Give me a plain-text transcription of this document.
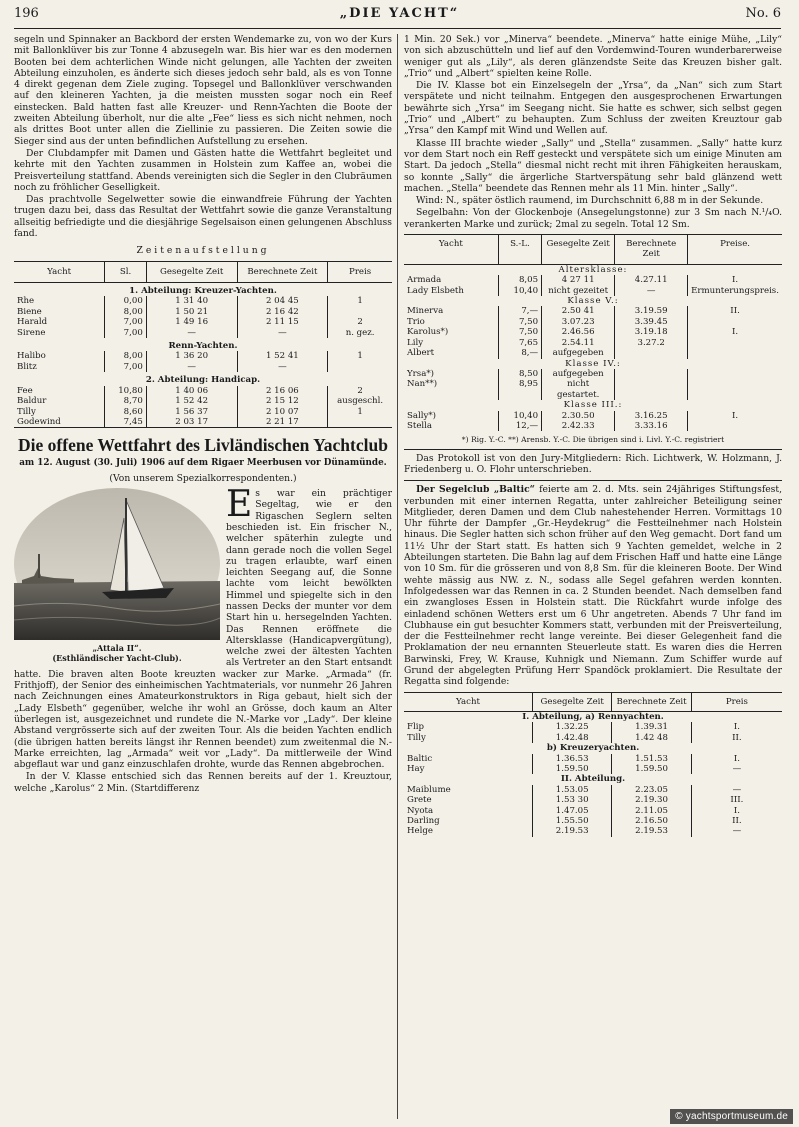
196	„DIE YACHT“	No. 6

segeln und Spinnaker an Backbord der ersten Wendemarke zu, von wo der Kurs mit Ballonklüver bis zur Tonne 4 abzusegeln war. Bis hier war es den modernen Booten bei dem achterlichen Winde nicht gelungen, alle Yachten der zweiten Abteilung einzuholen, es änderte sich dieses jedoch sehr bald, als es von Tonne 4 direkt gegenan dem Ziele zuging. Topsegel und Ballonklüver verschwanden auf den kleineren Yachten, ja die meisten mussten sogar noch ein Reef einstecken. Bald hatten fast alle Kreuzer- und Renn-Yachten die Boote der zweiten Abteilung überholt, nur die alte „Fee“ liess es sich nicht nehmen, noch als drittes Boot unter allen die Ziellinie zu passieren. Die Zeiten sowie die Sieger sind aus der unten befindlichen Aufstellung zu ersehen.

Der Clubdampfer mit Damen und Gästen hatte die Wettfahrt begleitet und kehrte mit den Yachten zusammen in Holstein zum Kaffee an, wobei die Preisverteilung stattfand. Abends vereinigten sich die Segler in den Clubräumen noch zu fröhlicher Geselligkeit.

Das prachtvolle Segelwetter sowie die einwandfreie Führung der Yachten trugen dazu bei, dass das Resultat der Wettfahrt sowie die ganze Veranstaltung allseitig befriedigte und die diesjährige Segelsaison einen gelungenen Abschluss fand.

Zeitenaufstellung
Yacht	Sl.	Gesegelte Zeit	Berechnete Zeit	Preis
1. Abteilung: Kreuzer-Yachten.				
Rhe	0,00	1 31 40	2 04 45	1
Biene	8,00	1 50 21	2 16 42	
Harald	7,00	1 49 16	2 11 15	2
Sirene	7,00	—	—	n. gez.
Renn-Yachten.				
Halibo	8,00	1 36 20	1 52 41	1
Blitz	7,00	—	—	
2. Abteilung: Handicap.				
Fee	10,80	1 40 06	2 16 06	2
Baldur	8,70	1 52 42	2 15 12	ausgeschl.
Tilly	8,60	1 56 37	2 10 07	1
Godewind	7,45	2 03 17	2 21 17	
Die offene Wettfahrt des Livländischen Yachtclub
am 12. August (30. Juli) 1906 auf dem Rigaer Meerbusen vor Dünamünde.
(Von unserem Spezialkorrespondenten.)
„Attala II“.
(Esthländischer Yacht-Club).

Es war ein prächtiger Segeltag, wie er den Rigaschen Seglern selten beschieden ist. Ein frischer N., welcher späterhin zulegte und dann gerade noch die vollen Segel zu tragen erlaubte, warf einen leichten Seegang auf, die Sonne lachte vom leicht bewölkten Himmel und spiegelte sich in den nassen Decks der munter vor dem Start hin u. hersegelnden Yachten. Das Rennen eröffnete die Altersklasse (Handicapvergütung), welche zwei der ältesten Yachten als Vertreter an den Start entsandt hatte. Die braven alten Boote kreuzten wacker zur Marke. „Armada“ (fr. Frithjoff), der Senior des einheimischen Yachtmaterials, vor nunmehr 26 Jahren nach Zeichnungen eines Amateurkonstruktors in Riga gebaut, hielt sich der „Lady Elsbeth“ gegenüber, welche ihr wohl an Grösse, doch kaum an Alter überlegen ist, ausgezeichnet und rundete die N.-Marke vor „Lady“. Der kleine Abstand vergrösserte sich auf der zweiten Tour. Als die beiden Yachten endlich (die übrigen hatten bereits längst ihr Rennen beendet) zum zweitenmal die N.-Marke erreichten, lag „Armada“ weit vor „Lady“. Da mittlerweile der Wind abgeflaut war und ganz einzuschlafen drohte, wurde das Rennen abgebrochen.

In der V. Klasse entschied sich das Rennen bereits auf der 1. Kreuztour, welche „Karolus“ 2 Min. (Startdifferenz

1 Min. 20 Sek.) vor „Minerva“ beendete. „Minerva“ hatte einige Mühe, „Lily“ von sich abzuschütteln und lief auf den Vordemwind-Touren wunderbarerweise weniger gut als „Lily“, als deren glänzendste Seite das Kreuzen bisher galt. „Trio“ und „Albert“ spielten keine Rolle.

Die IV. Klasse bot ein Einzelsegeln der „Yrsa“, da „Nan“ sich zum Start verspätete und nicht teilnahm. Entgegen den ausgesprochenen Erwartungen bewährte sich „Yrsa“ im Seegang nicht. Sie hatte es schwer, sich selbst gegen „Trio“ und „Albert“ zu behaupten. Zum Schluss der zweiten Kreuztour gab „Yrsa“ den Kampf mit Wind und Wellen auf.

Klasse III brachte wieder „Sally“ und „Stella“ zusammen. „Sally“ hatte kurz vor dem Start noch ein Reff gesteckt und verspätete sich um einige Minuten am Start. Da jedoch „Stella“ diesmal nicht recht mit ihren Fähigkeiten herauskam, so konnte „Sally“ die ärgerliche Startverspätung sehr bald glänzend wett machen. „Stella“ beendete das Rennen mehr als 11 Min. hinter „Sally“.

Wind: N., später östlich raumend, im Durchschnitt 6,88 m in der Sekunde.

Segelbahn: Von der Glockenboje (Ansegelungstonne) zur 3 Sm nach N.¹/₄O. verankerten Marke und zurück; 2mal zu segeln. Total 12 Sm.

Yacht	S.-L.	Gesegelte Zeit	Berechnete Zeit	Preise.
Altersklasse:				
Armada	8,05	4 27 11	4.27.11	I.
Lady Elsbeth	10,40	nicht gezeitet	—	Ermunterungspreis.
Klasse V.:				
Minerva	7,—	2.50 41	3.19.59	II.
Trio	7,50	3.07.23	3.39.45	
Karolus*)	7,50	2.46.56	3.19.18	I.
Lily	7,65	2.54.11	3.27.2	
Albert	8,—	aufgegeben		
Klasse IV.:				
Yrsa*)	8,50	aufgegeben		
Nan**)	8,95	nicht gestartet.		
Klasse III.:				
Sally*)	10,40	2.30.50	3.16.25	I.
Stella	12,—	2.42.33	3.33.16	
*) Rig. Y.-C. **) Arensb. Y.-C. Die übrigen sind i. Livl. Y.-C. registriert

Das Protokoll ist von den Jury-Mitgliedern: Rich. Lichtwerk, W. Holzmann, J. Friedenberg u. O. Flohr unterschrieben.

Der Segelclub „Baltic“ feierte am 2. d. Mts. sein 24jähriges Stiftungsfest, verbunden mit einer internen Regatta, unter zahlreicher Beteiligung seiner Mitglieder, deren Damen und dem Club nahestehender Herren. Vormittags 10 Uhr führte der Dampfer „Gr.-Heydekrug“ die Festteilnehmer nach Holstein hinaus. Die Segler hatten sich schon früher auf den Weg gemacht. Dort fand um 11½ Uhr der Start statt. Es hatten sich 9 Yachten gemeldet, welche in 2 Abteilungen starteten. Die Bahn lag auf dem Frischen Haff und hatte eine Länge von 10 Sm. für die grösseren und von 8,8 Sm. für die kleineren Boote. Der Wind wehte mässig aus NW. z. N., sodass alle Segel gefahren werden konnten. Infolgedessen war das Rennen in ca. 2 Stunden beendet. Nach demselben fand ein zwangloses Essen in Holstein statt. Die Rückfahrt wurde infolge des einladend schönen Wetters erst um 6 Uhr angetreten. Abends 7 Uhr fand im Clubhause ein gut besuchter Kommers statt, verbunden mit der Preisverteilung, der die Festteilnehmer recht lange vereinte. Bei dieser Gelegenheit fand die Proklamation der neu ernannten Steuerleute statt. Es waren dies die Herren Barwinski, Frey, W. Krause, Kuhnigk und Niemann. Zum Schiffer wurde auf Grund der abgelegten Prüfung Herr Spandöck proklamiert. Die Resultate der Regatta sind folgende:

Yacht	Gesegelte Zeit	Berechnete Zeit	Preis
I. Abteilung, a) Rennyachten.			
Flip	1.32.25	1.39.31	I.
Tilly	1.42.48	1.42 48	II.
b) Kreuzeryachten.			
Baltic	1.36.53	1.51.53	I.
Hay	1.59.50	1.59.50	—
II. Abteilung.			
Maiblume	1.53.05	2.23.05	—
Grete	1.53 30	2.19.30	III.
Nyota	1.47.05	2.11.05	I.
Darling	1.55.50	2.16.50	II.
Helge	2.19.53	2.19.53	—
© yachtsportmuseum.de
